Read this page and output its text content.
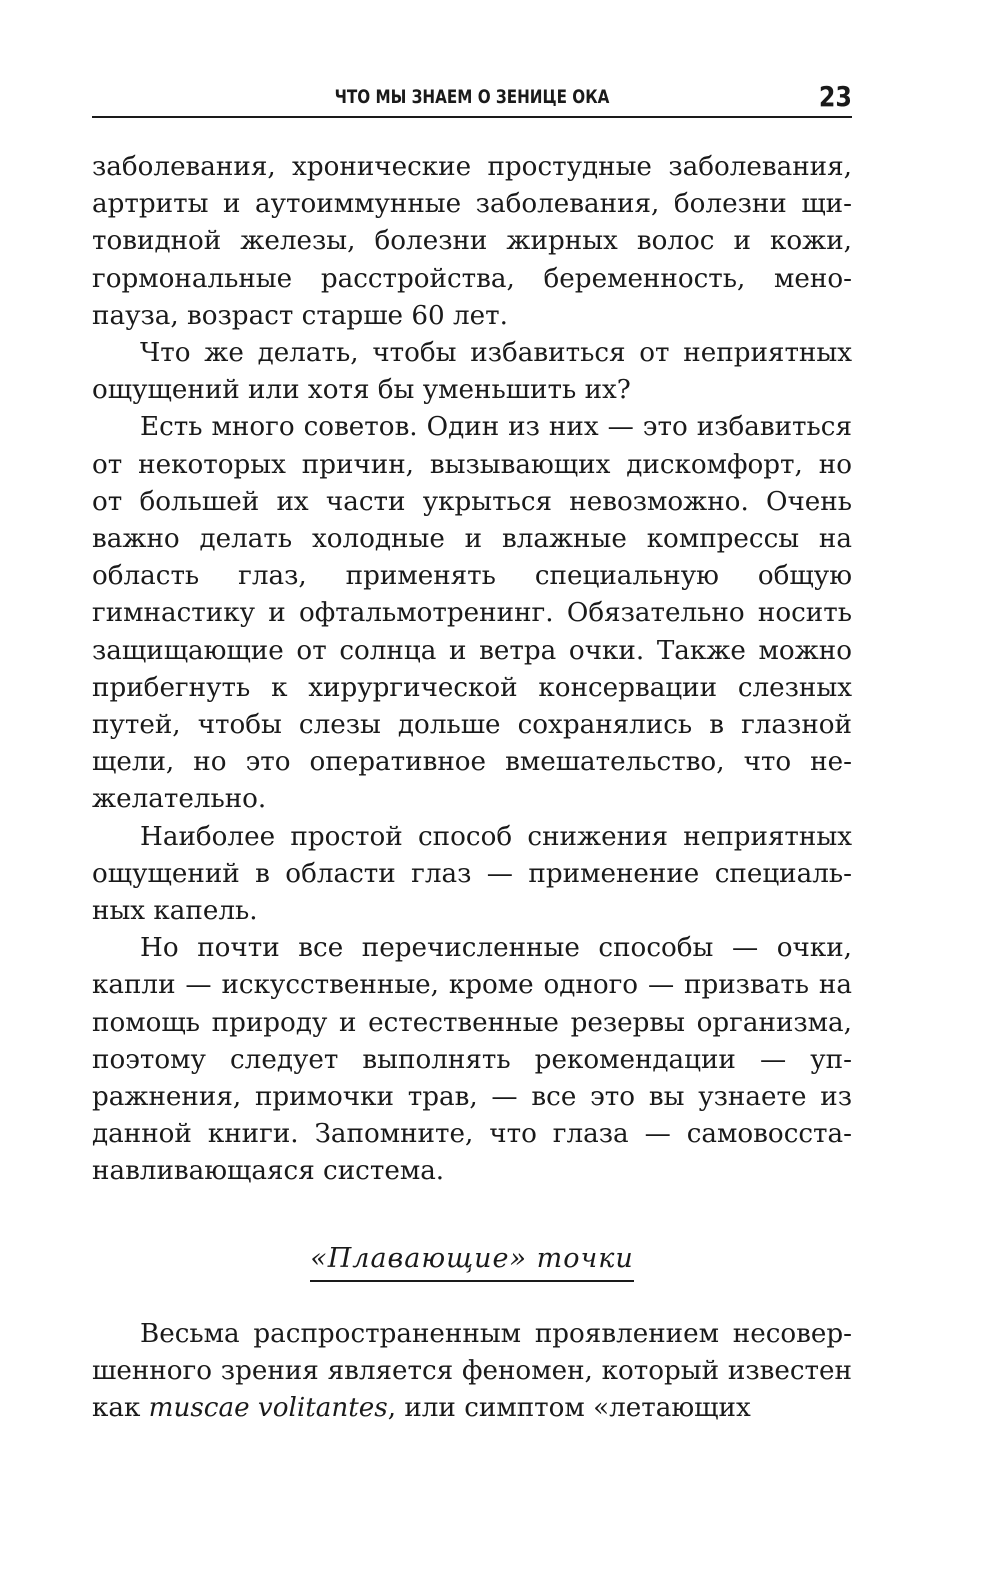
ЧТО МЫ ЗНАЕМ О ЗЕНИЦЕ ОКА	23

заболевания, хронические простудные заболевания, артриты и аутоиммунные заболевания, болезни щитовидной железы, болезни жирных волос и кожи, гормональные расстройства, беременность, менопауза, возраст старше 60 лет.

Что же делать, чтобы избавиться от неприятных ощущений или хотя бы уменьшить их?

Есть много советов. Один из них — это избавиться от некоторых причин, вызывающих дискомфорт, но от большей их части укрыться невозможно. Очень важно делать холодные и влажные компрессы на область глаз, применять специальную общую гимнастику и офтальмотренинг. Обязательно носить защищающие от солнца и ветра очки. Также можно прибегнуть к хирургической консервации слезных путей, чтобы слезы дольше сохранялись в глазной щели, но это оперативное вмешательство, что нежелательно.

Наиболее простой способ снижения неприятных ощущений в области глаз — применение специальных капель.

Но почти все перечисленные способы — очки, капли — искусственные, кроме одного — призвать на помощь природу и естественные резервы организма, поэтому следует выполнять рекомендации — упражнения, примочки трав, — все это вы узнаете из данной книги. Запомните, что глаза — самовосстанавливающаяся система.

«Плавающие» точки

Весьма распространенным проявлением несовершенного зрения является феномен, который известен как muscae volitantes, или симптом «летающих
